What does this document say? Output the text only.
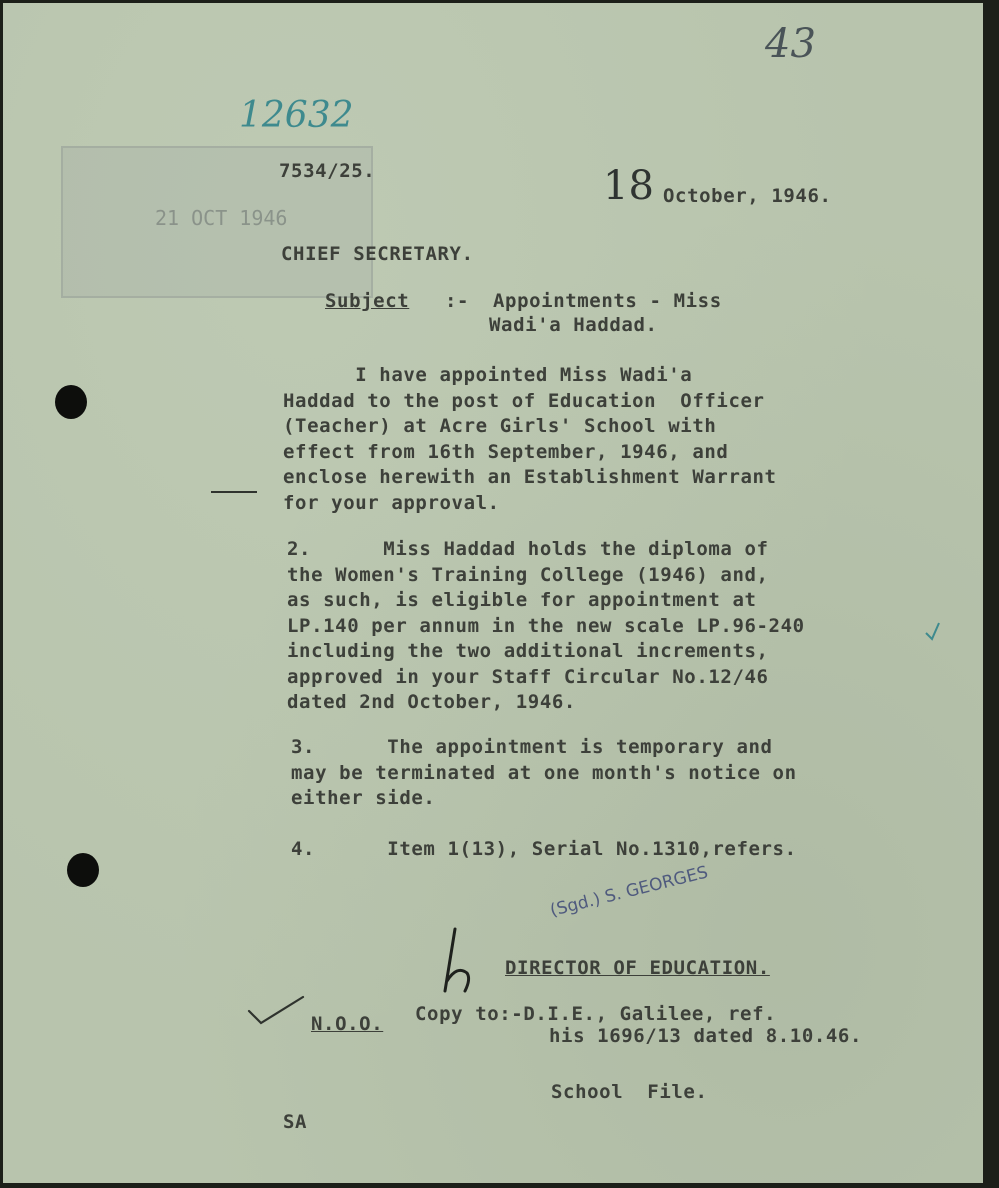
21 OCT 1946
43
12632
18
7534/25.
October, 1946.
CHIEF SECRETARY.
Subject :- Appointments - Miss
Wadi'a Haddad.
I have appointed Miss Wadi'a
Haddad to the post of Education  Officer
(Teacher) at Acre Girls' School with
effect from 16th September, 1946, and
enclose herewith an Establishment Warrant
for your approval.
2.      Miss Haddad holds the diploma of
the Women's Training College (1946) and,
as such, is eligible for appointment at
LP.140 per annum in the new scale LP.96-240
including the two additional increments,
approved in your Staff Circular No.12/46
dated 2nd October, 1946.
3.      The appointment is temporary and
may be terminated at one month's notice on
either side.
4.      Item 1(13), Serial No.1310,refers.
(Sgd.) S. GEORGES
DIRECTOR OF EDUCATION.
N.O.O. Copy to:-D.I.E., Galilee, ref.
his 1696/13 dated 8.10.46.
School  File.
SA
